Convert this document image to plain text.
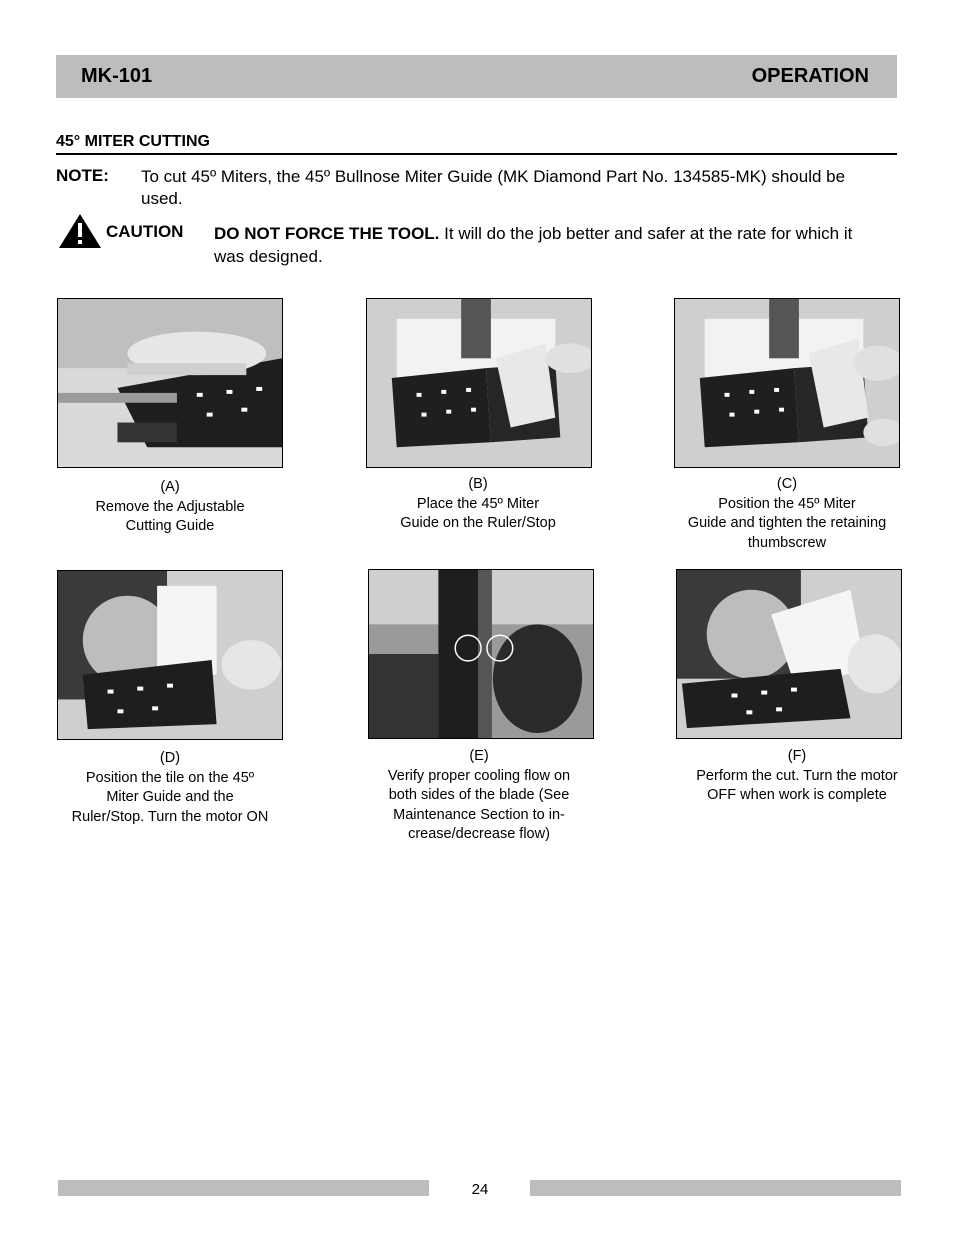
MK-101	OPERATION
45° MITER CUTTING
NOTE: To cut 45º Miters, the 45º Bullnose Miter Guide (MK Diamond Part No. 134585-MK) should be used.
CAUTION DO NOT FORCE THE TOOL. It will do the job better and safer at the rate for which it was designed.
(A)
Remove the Adjustable
Cutting Guide
(B)
Place the 45º Miter
Guide on the Ruler/Stop
(C)
Position the 45º Miter
Guide and tighten the retaining
thumbscrew
(D)
Position the tile on the 45º
Miter Guide and the
Ruler/Stop. Turn the motor ON
(E)
Verify proper cooling flow on
both sides of the blade (See
Maintenance Section to in-
crease/decrease flow)
(F)
Perform the cut. Turn the motor
OFF when work is complete
24
